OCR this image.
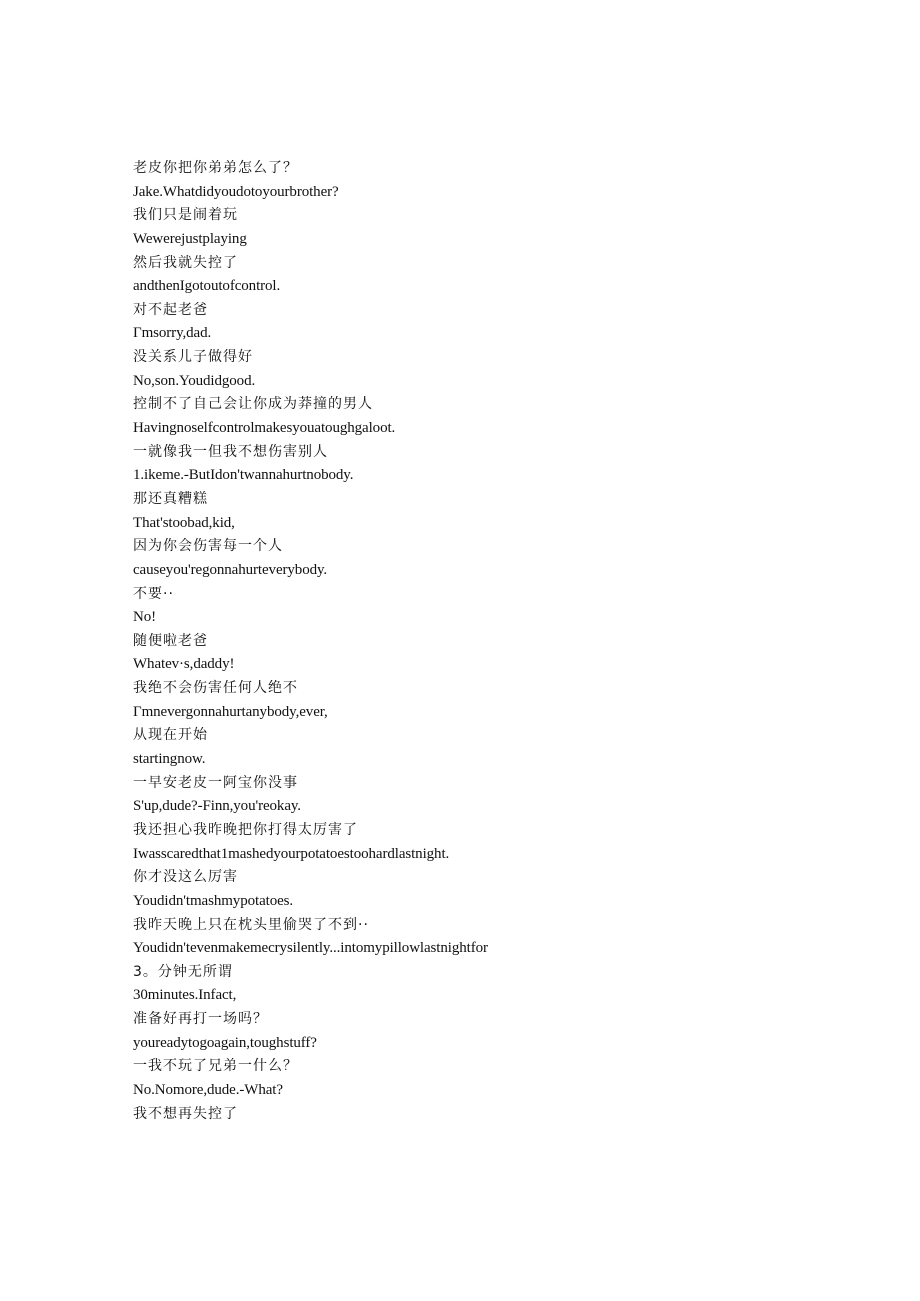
老皮你把你弟弟怎么了？
Jake.Whatdidyoudotoyourbrother?
我们只是闹着玩
Wewerejustplaying
然后我就失控了
andthenIgotoutofcontrol.
对不起老爸
Γmsorry,dad.
没关系儿子做得好
No,son.Youdidgood.
控制不了自己会让你成为莽撞的男人
Havingnoselfcontrolmakesyouatoughgaloot.
一就像我一但我不想伤害别人
1.ikeme.-ButIdon'twannahurtnobody.
那还真糟糕
That'stoobad,kid,
因为你会伤害每一个人
causeyou'regonnahurteverybody.
不要··
No!
随便啦老爸
Whatev·s,daddy!
我绝不会伤害任何人绝不
Γmnevergonnahurtanybody,ever,
从现在开始
startingnow.
一早安老皮一阿宝你没事
S'up,dude?-Finn,you'reokay.
我还担心我昨晚把你打得太厉害了
Iwasscaredthat1mashedyourpotatoestoohardlastnight.
你才没这么厉害
Youdidn'tmashmypotatoes.
我昨天晚上只在枕头里偷哭了不到··
Youdidn'tevenmakemecrysilently...intomypillowlastnightfor
3。分钟无所谓
30minutes.Infact,
准备好再打一场吗？
youreadytogoagain,toughstuff?
一我不玩了兄弟一什么？
No.Nomore,dude.-What?
我不想再失控了
